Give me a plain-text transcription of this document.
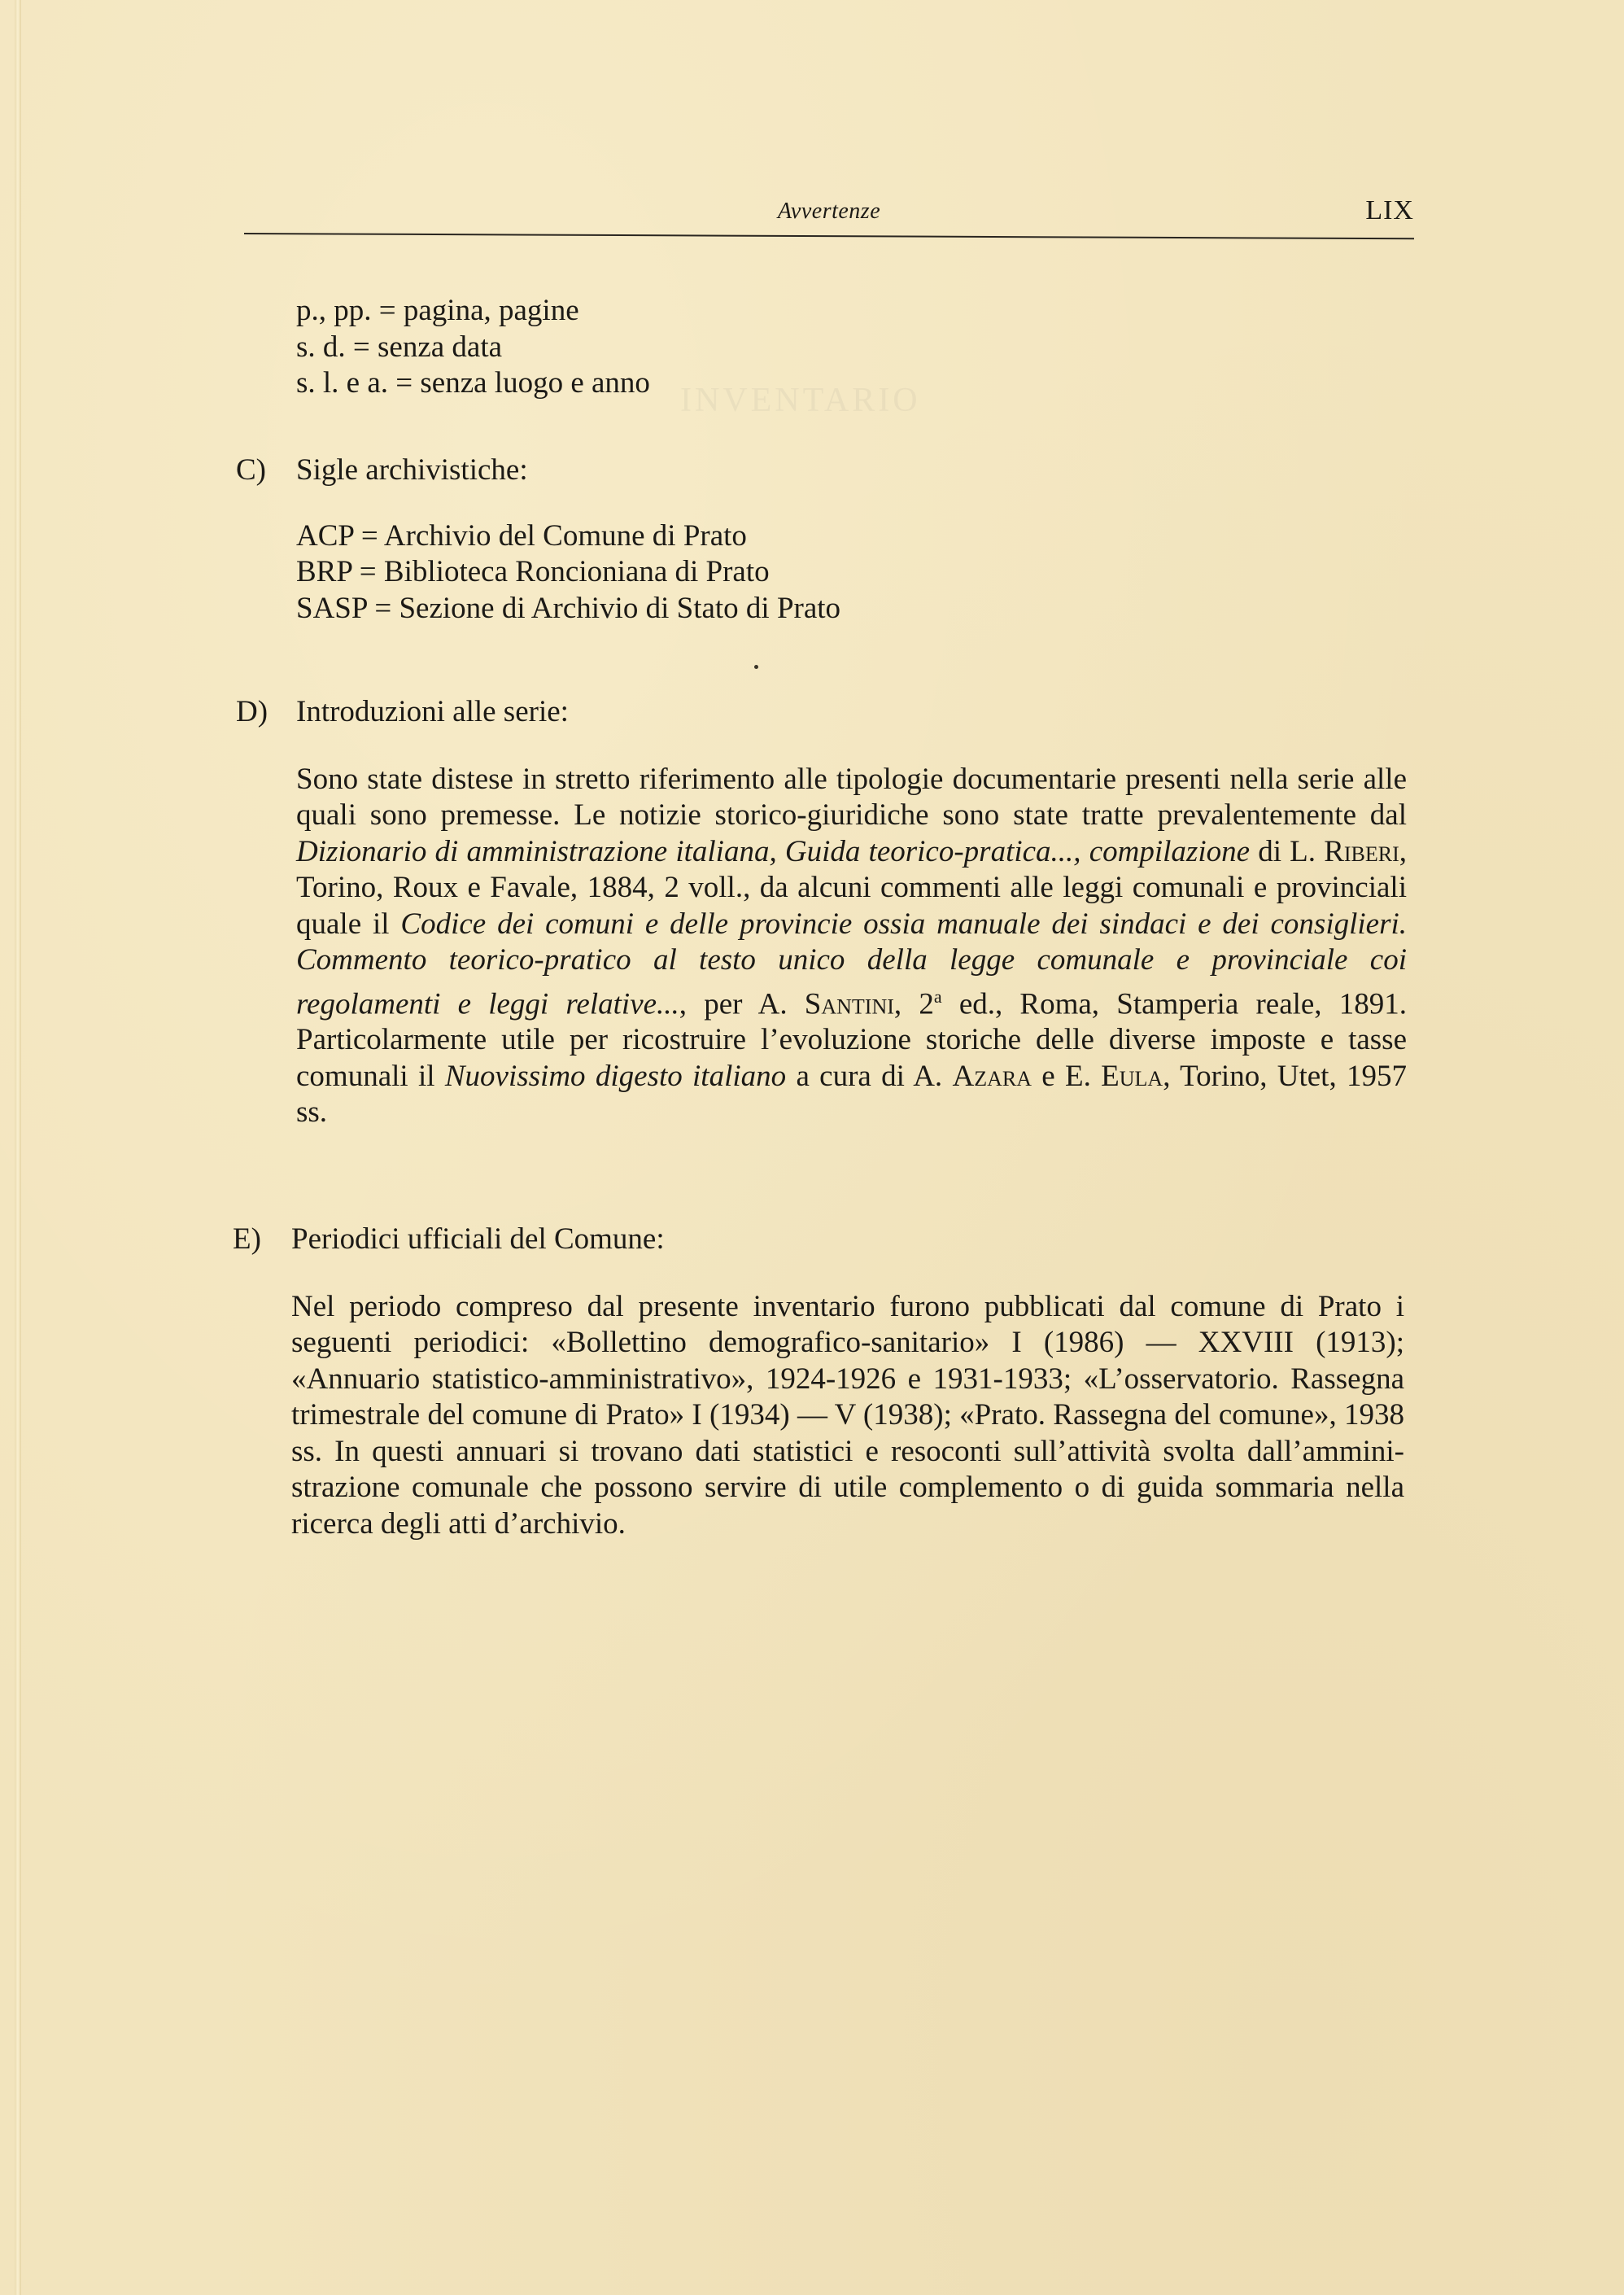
INVENTARIO
Avvertenze	LIX
p., pp. = pagina, pagine
s. d. = senza data
s. l. e a. = senza luogo e anno
C)	Sigle archivistiche:
ACP = Archivio del Comune di Prato
BRP = Biblioteca Roncioniana di Prato
SASP = Sezione di Archivio di Stato di Prato
D) Introduzioni alle serie:
Sono state distese in stretto riferimento alle tipologie documentarie presenti nella serie alle quali sono premesse. Le notizie storico-giuridiche sono state tratte prevalentemente dal Dizionario di amministrazione italiana, Guida teorico-pratica..., compilazione di L. Riberi, Torino, Roux e Favale, 1884, 2 voll., da alcuni commenti alle leggi comunali e provinciali quale il Codice dei comuni e delle provincie ossia manuale dei sindaci e dei consiglieri. Commento teorico-pratico al testo unico della legge comunale e provinciale coi regolamenti e leggi relative..., per A. Santini, 2$^a$ ed., Roma, Stamperia reale, 1891. Particolarmente utile per ricostruire l’evoluzione storiche delle diverse imposte e tasse comunali il Nuovissimo digesto italiano a cura di A. Azara e E. Eula, Torino, Utet, 1957 ss.
E)	Periodici ufficiali del Comune:
Nel periodo compreso dal presente inventario furono pubblicati dal comune di Prato i seguenti periodici: «Bollettino demografico-sanitario» I (1986) — XXVIII (1913); «Annuario statistico-amministrativo», 1924-1926 e 1931-1933; «L’osservatorio. Rassegna trimestrale del comune di Prato» I (1934) — V (1938); «Prato. Rassegna del comune», 1938 ss. In questi annuari si trovano dati statistici e resoconti sull’attività svolta dall’amministrazione comunale che possono servire di utile complemento o di guida sommaria nella ricerca degli atti d’archivio.
